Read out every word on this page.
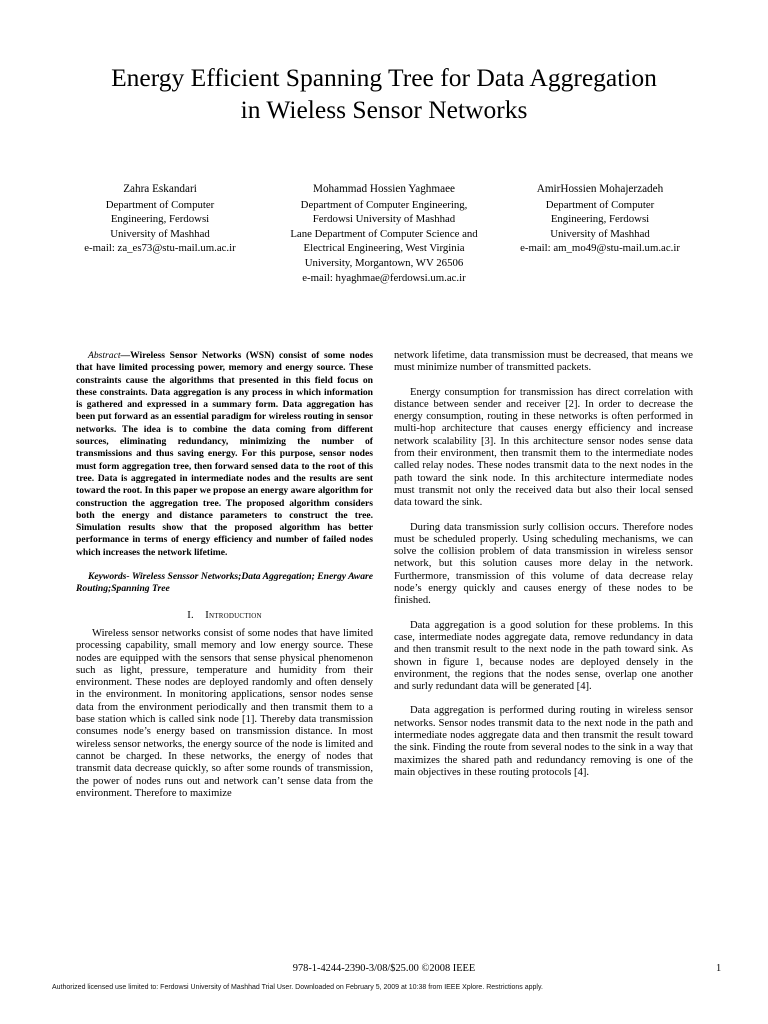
Energy Efficient Spanning Tree for Data Aggregation
in Wieless Sensor Networks
Zahra Eskandari
Department of Computer
Engineering, Ferdowsi
University of Mashhad
e-mail: za_es73@stu-mail.um.ac.ir
Mohammad Hossien Yaghmaee
Department of Computer Engineering,
Ferdowsi University of Mashhad
Lane Department of Computer Science and
Electrical Engineering, West Virginia
University, Morgantown, WV 26506
e-mail: hyaghmae@ferdowsi.um.ac.ir
AmirHossien Mohajerzadeh
Department of Computer
Engineering, Ferdowsi
University of Mashhad
e-mail: am_mo49@stu-mail.um.ac.ir

Abstract—Wireless Sensor Networks (WSN) consist of some nodes that have limited processing power, memory and energy source. These constraints cause the algorithms that presented in this field focus on these constraints. Data aggregation is any process in which information is gathered and expressed in a summary form. Data aggregation has been put forward as an essential paradigm for wireless routing in sensor networks. The idea is to combine the data coming from different sources, eliminating redundancy, minimizing the number of transmissions and thus saving energy. For this purpose, sensor nodes must form aggregation tree, then forward sensed data to the root of this tree. Data is aggregated in intermediate nodes and the results are sent toward the root. In this paper we propose an energy aware algorithm for construction the aggregation tree. The proposed algorithm considers both the energy and distance parameters to construct the tree. Simulation results show that the proposed algorithm has better performance in terms of energy efficiency and number of failed nodes which increases the network lifetime.

Keywords- Wireless Senssor Networks;Data Aggregation; Energy Aware Routing;Spanning Tree

I. Introduction

Wireless sensor networks consist of some nodes that have limited processing capability, small memory and low energy source. These nodes are equipped with the sensors that sense physical phenomenon such as light, pressure, temperature and humidity from their environment. These nodes are deployed randomly and often densely in the environment. In monitoring applications, sensor nodes sense data from the environment periodically and then transmit them to a base station which is called sink node [1]. Thereby data transmission consumes node’s energy based on transmission distance. In most wireless sensor networks, the energy source of the node is limited and cannot be charged. In these networks, the energy of nodes that transmit data decrease quickly, so after some rounds of transmission, the power of nodes runs out and network can’t sense data from the environment. Therefore to maximize

network lifetime, data transmission must be decreased, that means we must minimize number of transmitted packets.

Energy consumption for transmission has direct correlation with distance between sender and receiver [2]. In order to decrease the energy consumption, routing in these networks is often performed in multi-hop architecture that causes energy efficiency and increase network scalability [3]. In this architecture sensor nodes sense data from their environment, then transmit them to the intermediate nodes called relay nodes. These nodes transmit data to the next nodes in the path toward the sink node. In this architecture intermediate nodes must transmit not only the received data but also their local sensed data toward the sink.

During data transmission surly collision occurs. Therefore nodes must be scheduled properly. Using scheduling mechanisms, we can solve the collision problem of data transmission in wireless sensor network, but this solution causes more delay in the network. Furthermore, transmission of this volume of data decrease relay node’s energy quickly and causes energy of these nodes to be finished.

Data aggregation is a good solution for these problems. In this case, intermediate nodes aggregate data, remove redundancy in data and then transmit result to the next node in the path toward sink. As shown in figure 1, because nodes are deployed densely in the environment, the regions that the nodes sense, overlap one another and surly redundant data will be generated [4].

Data aggregation is performed during routing in wireless sensor networks. Sensor nodes transmit data to the next node in the path and intermediate nodes aggregate data and then transmit the result toward the sink. Finding the route from several nodes to the sink in a way that maximizes the shared path and redundancy removing is one of the main objectives in these routing protocols [4].

978-1-4244-2390-3/08/$25.00 ©2008 IEEE	1
Authorized licensed use limited to: Ferdowsi University of Mashhad Trial User. Downloaded on February 5, 2009 at 10:38 from IEEE Xplore. Restrictions apply.
